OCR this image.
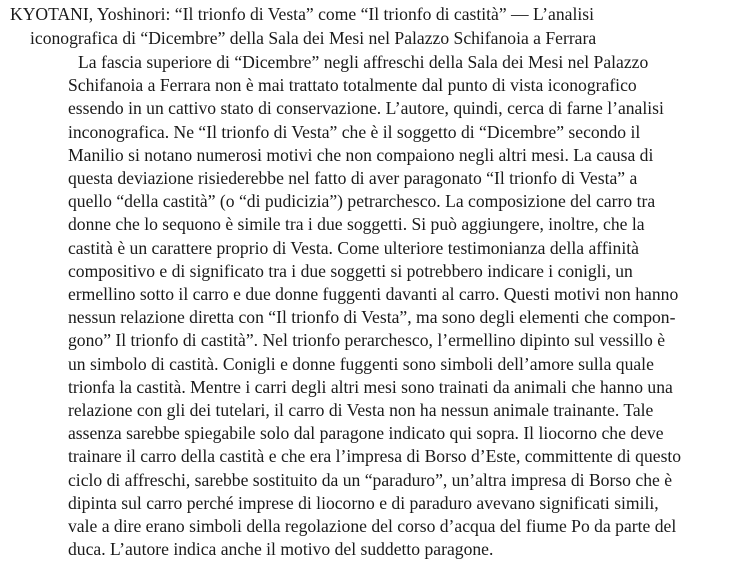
KYOTANI, Yoshinori: “Il trionfo di Vesta” come “Il trionfo di castità” — L’analisi
iconografica di “Dicembre” della Sala dei Mesi nel Palazzo Schifanoia a Ferrara
La fascia superiore di “Dicembre” negli affreschi della Sala dei Mesi nel Palazzo
Schifanoia a Ferrara non è mai trattato totalmente dal punto di vista iconografico
essendo in un cattivo stato di conservazione. L’autore, quindi, cerca di farne l’analisi
inconografica. Ne “Il trionfo di Vesta” che è il soggetto di “Dicembre” secondo il
Manilio si notano numerosi motivi che non compaiono negli altri mesi. La causa di
questa deviazione risiederebbe nel fatto di aver paragonato “Il trionfo di Vesta” a
quello “della castità” (o “di pudicizia”) petrarchesco. La composizione del carro tra
donne che lo sequono è simile tra i due soggetti. Si può aggiungere, inoltre, che la
castità è un carattere proprio di Vesta. Come ulteriore testimonianza della affinità
compositivo e di significato tra i due soggetti si potrebbero indicare i conigli, un
ermellino sotto il carro e due donne fuggenti davanti al carro. Questi motivi non hanno
nessun relazione diretta con “Il trionfo di Vesta”, ma sono degli elementi che compon-
gono” Il trionfo di castità”. Nel trionfo perarchesco, l’ermellino dipinto sul vessillo è
un simbolo di castità. Conigli e donne fuggenti sono simboli dell’amore sulla quale
trionfa la castità. Mentre i carri degli altri mesi sono trainati da animali che hanno una
relazione con gli dei tutelari, il carro di Vesta non ha nessun animale trainante. Tale
assenza sarebbe spiegabile solo dal paragone indicato qui sopra. Il liocorno che deve
trainare il carro della castità e che era l’impresa di Borso d’Este, committente di questo
ciclo di affreschi, sarebbe sostituito da un “paraduro”, un’altra impresa di Borso che è
dipinta sul carro perché imprese di liocorno e di paraduro avevano significati simili,
vale a dire erano simboli della regolazione del corso d’acqua del fiume Po da parte del
duca. L’autore indica anche il motivo del suddetto paragone.
